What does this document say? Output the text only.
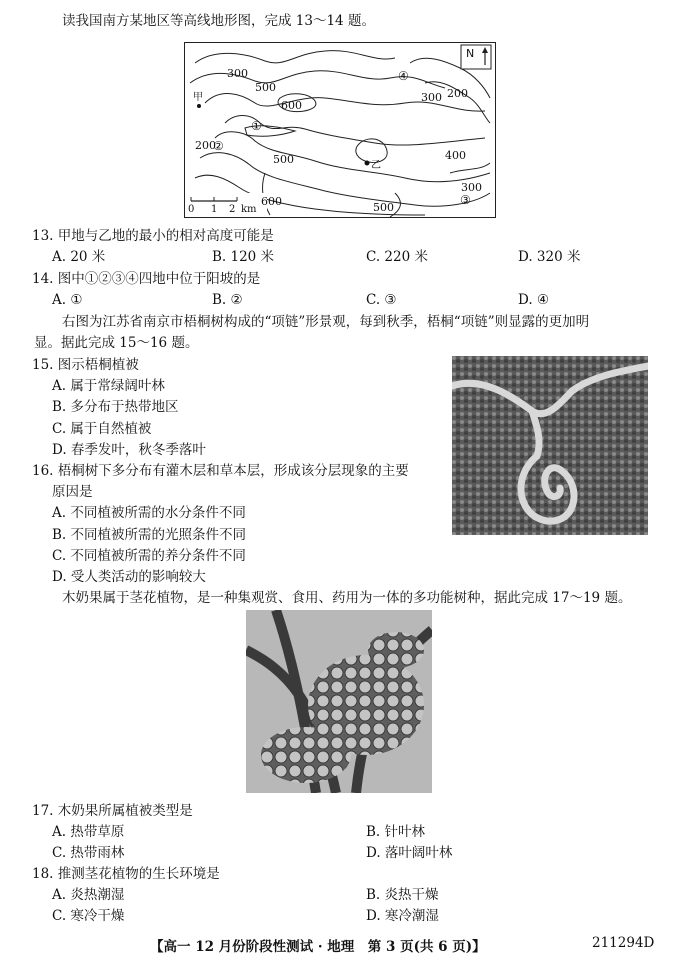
读我国南方某地区等高线地形图，完成 13～14 题。
N
300
500
600
200
300 200
400
500
600
300
500
①
②
③
④
甲
乙
0 1 2 km
13. 甲地与乙地的最小的相对高度可能是
A. 20 米	B. 120 米	C. 220 米	D. 320 米
14. 图中①②③④四地中位于阳坡的是
A. ①	B. ②	C. ③	D. ④
右图为江苏省南京市梧桐树构成的“项链”形景观，每到秋季，梧桐“项链”则显露的更加明
显。据此完成 15～16 题。
15. 图示梧桐植被
A. 属于常绿阔叶林
B. 多分布于热带地区
C. 属于自然植被
D. 春季发叶，秋冬季落叶
16. 梧桐树下多分布有灌木层和草本层，形成该分层现象的主要
原因是
A. 不同植被所需的水分条件不同
B. 不同植被所需的光照条件不同
C. 不同植被所需的养分条件不同
D. 受人类活动的影响较大
木奶果属于茎花植物，是一种集观赏、食用、药用为一体的多功能树种，据此完成 17～19 题。
17. 木奶果所属植被类型是
A. 热带草原	B. 针叶林
C. 热带雨林	D. 落叶阔叶林
18. 推测茎花植物的生长环境是
A. 炎热潮湿	B. 炎热干燥
C. 寒冷干燥	D. 寒冷潮湿
【高一 12 月份阶段性测试 · 地理　第 3 页(共 6 页)】	211294D
